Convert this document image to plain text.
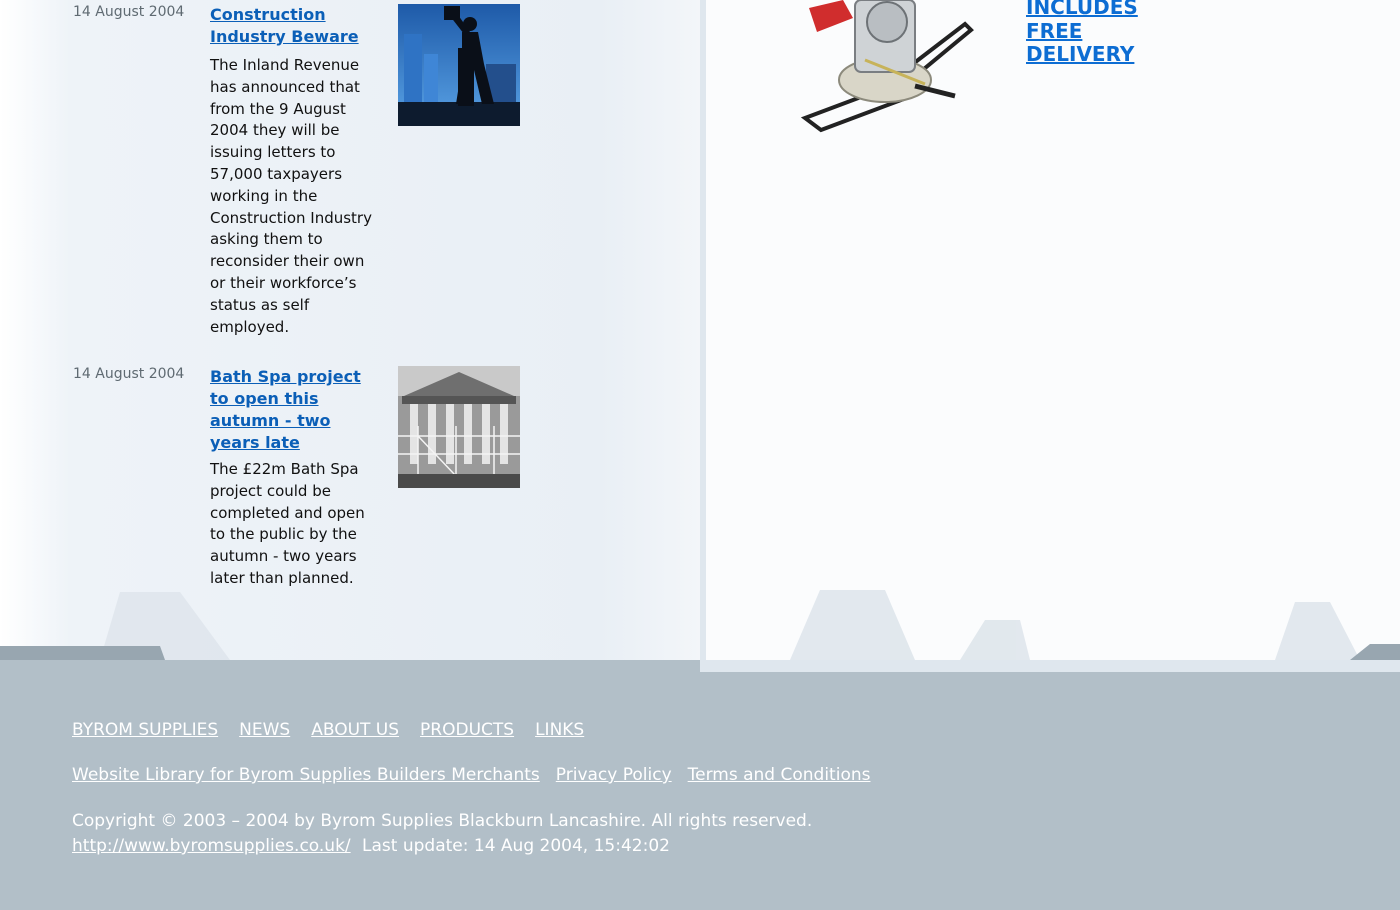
14 August 2004 Construction Industry Beware
The Inland Revenue has announced that from the 9 August 2004 they will be issuing letters to 57,000 taxpayers working in the Construction Industry asking them to reconsider their own or their workforce’s status as self employed.
14 August 2004 Bath Spa project to open this autumn - two years late
The £22m Bath Spa project could be completed and open to the public by the autumn - two years later than planned.
INCLUDES
FREE
DELIVERY
BYROM SUPPLIES NEWS ABOUT US PRODUCTS LINKS
Website Library for Byrom Supplies Builders Merchants Privacy Policy Terms and Conditions
Copyright © 2003 – 2004 by Byrom Supplies Blackburn Lancashire. All rights reserved.
http://www.byromsupplies.co.uk/ Last update: 14 Aug 2004, 15:42:02
